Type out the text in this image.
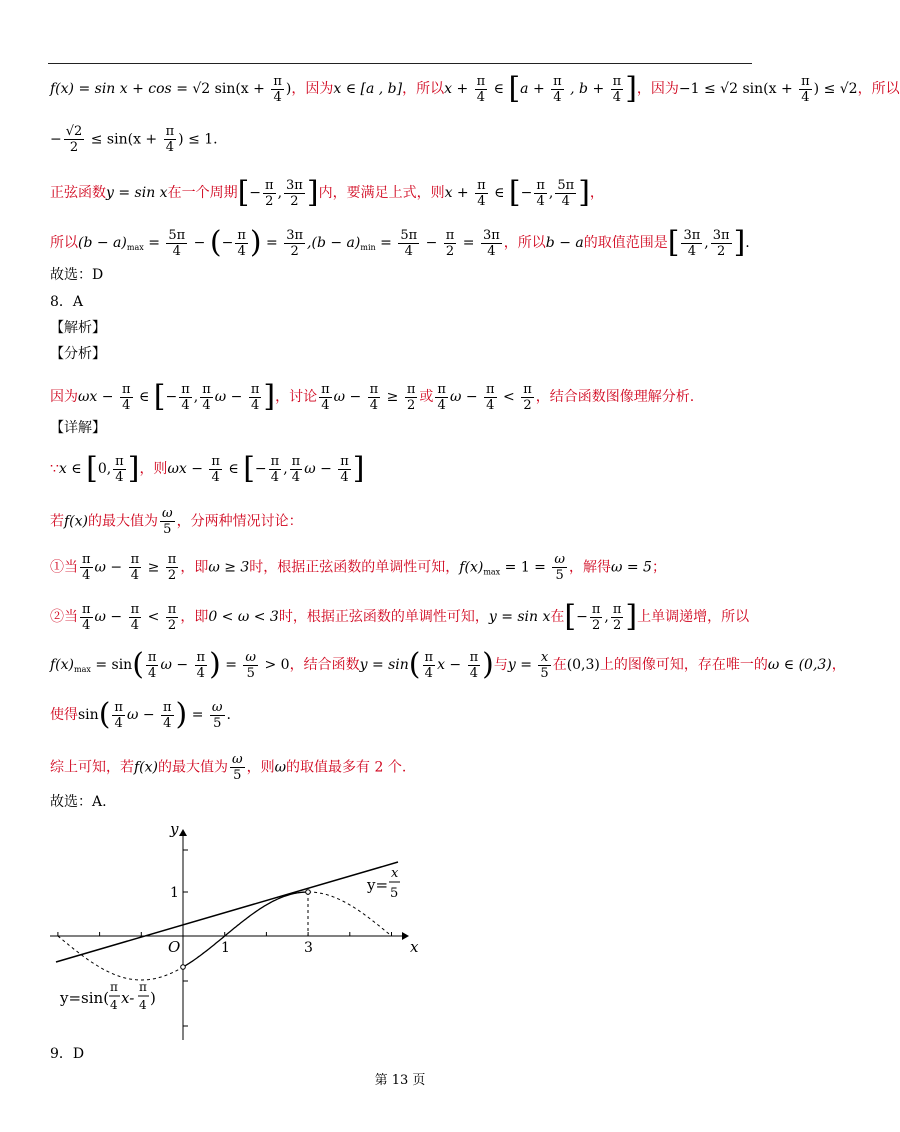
f(x) = sin x + cos = √2 $\sin(x + \frac{\pi}{4}$ )，因为x ∈ [a , b]，所以$x + \frac{\pi}{4}$ ∈ [$a + \frac{\pi}{4}$ , $b + \frac{\pi}{4}$ ]，因为−1 ≤ √2 $\sin(x + \frac{\pi}{4}$ ) ≤ √2，所以
− $\frac{√2}{2} \le \sin(x + \frac{\pi}{4}$ ) ≤ 1.
正弦函数y = sin x在一个周期[− $\frac{\pi}{2}$ , $\frac{3\pi}{2}$ ]内，要满足上式，则$x + \frac{\pi}{4}$ ∈ [− $\frac{\pi}{4}$ , $\frac{5\pi}{4}$ ]，
所以$(b - a)_{max} = \frac{5\pi}{4}$ − (− $\frac{\pi}{4}$ ) = $\frac{3\pi}{2} ,(b - a)_{min} = \frac{5\pi}{4} - \frac{\pi}{2} = \frac{3\pi}{4}$ ，所以b − a的取值范围是[ $\frac{3\pi}{4}$ , $\frac{3\pi}{2}$ ].
故选：D
8．A
【解析】
【分析】
因为$\omega x - \frac{\pi}{4}$ ∈ [− $\frac{\pi}{4}$ , $\frac{\pi}{4}$ $\omega - \frac{\pi}{4}$ ]，讨论 $\frac{\pi}{4}$ $\omega - \frac{\pi}{4} \ge \frac{\pi}{2}$ 或 $\frac{\pi}{4}$ $\omega - \frac{\pi}{4} < \frac{\pi}{2}$ ，结合函数图像理解分析.
【详解】
∵x ∈ [0, $\frac{\pi}{4}$ ]，则$\omega x - \frac{\pi}{4}$ ∈ [− $\frac{\pi}{4}$ , $\frac{\pi}{4}$ $\omega - \frac{\pi}{4}$ ]
若f(x)的最大值为 $\frac{\omega}{5}$ ，分两种情况讨论：
①当 $\frac{\pi}{4}$ $\omega - \frac{\pi}{4} \ge \frac{\pi}{2}$ ，即ω ≥ 3时，根据正弦函数的单调性可知，$f(x)_{max} = 1 = \frac{\omega}{5}$ ，解得ω = 5；
②当 $\frac{\pi}{4}$ $\omega - \frac{\pi}{4} < \frac{\pi}{2}$ ，即0 < ω < 3时，根据正弦函数的单调性可知，y = sin x在[− $\frac{\pi}{2}$ , $\frac{\pi}{2}$ ]上单调递增，所以
$f(x)_{max} = \sin( \frac{\pi}{4}$ $\omega - \frac{\pi}{4}$ ) = $\frac{\omega}{5} > 0$，结合函数$y = \sin( \frac{\pi}{4}$ $x - \frac{\pi}{4}$ )与$y = \frac{x}{5}$ 在(0,3)上的图像可知，存在唯一的ω ∈ (0,3)，
使得$\sin( \frac{\pi}{4}$ $\omega - \frac{\pi}{4}$ ) = $\frac{\omega}{5}$ .
综上可知，若f(x)的最大值为 $\frac{\omega}{5}$ ，则ω的取值最多有 2 个.
故选：A.
y
x
O	1	3
1	y=
x
5
y=sin(
π
4 x-
π
4 )
9．D
第 13 页
